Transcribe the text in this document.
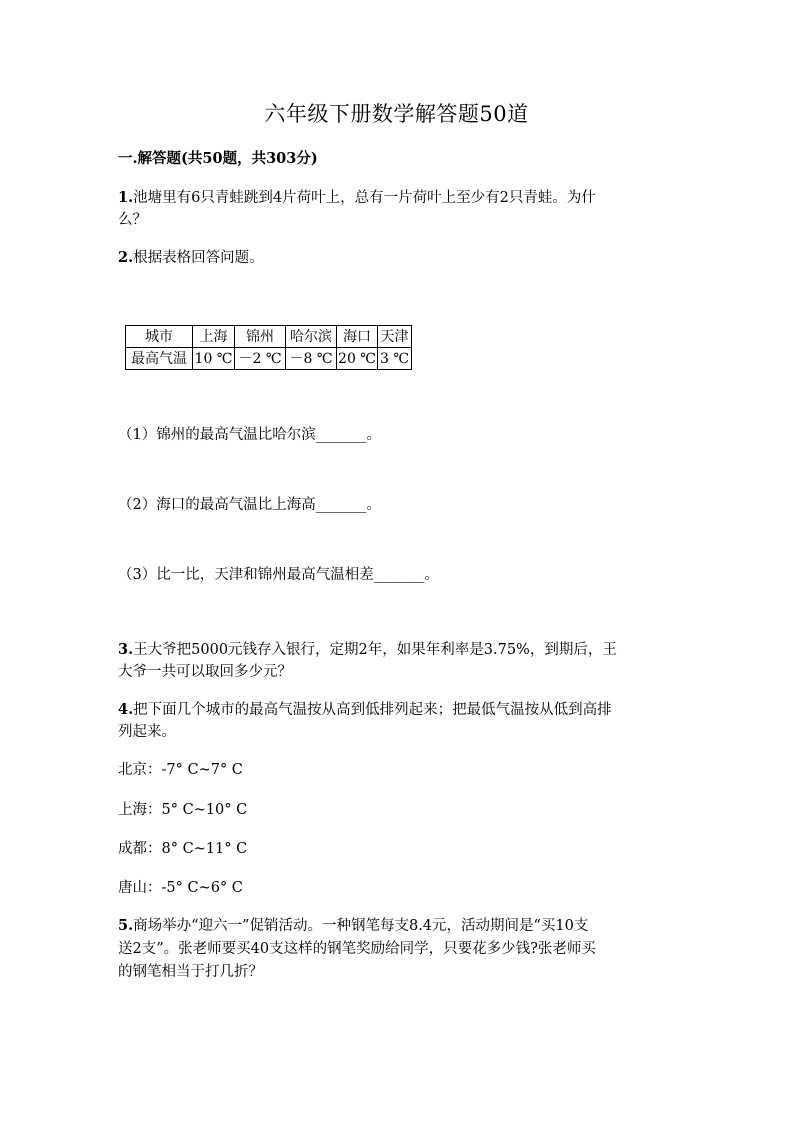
六年级下册数学解答题50道
一.解答题(共50题，共303分)
1.池塘里有6只青蛙跳到4片荷叶上，总有一片荷叶上至少有2只青蛙。为什
么？
2.根据表格回答问题。
城市	上海	锦州	哈尔滨	海口	天津
最高气温	10 ℃	－2 ℃	－8 ℃	20 ℃	3 ℃
（1）锦州的最高气温比哈尔滨_______。
（2）海口的最高气温比上海高_______。
（3）比一比，天津和锦州最高气温相差_______。
3.王大爷把5000元钱存入银行，定期2年，如果年利率是3.75%，到期后，王
大爷一共可以取回多少元？
4.把下面几个城市的最高气温按从高到低排列起来；把最低气温按从低到高排
列起来。
北京：-7° C~7° C
上海：5° C~10° C
成都：8° C~11° C
唐山：-5° C~6° C
5.商场举办“迎六一”促销活动。一种钢笔每支8.4元，活动期间是“买10支
送2支”。张老师要买40支这样的钢笔奖励给同学，只要花多少钱?张老师买
的钢笔相当于打几折？
